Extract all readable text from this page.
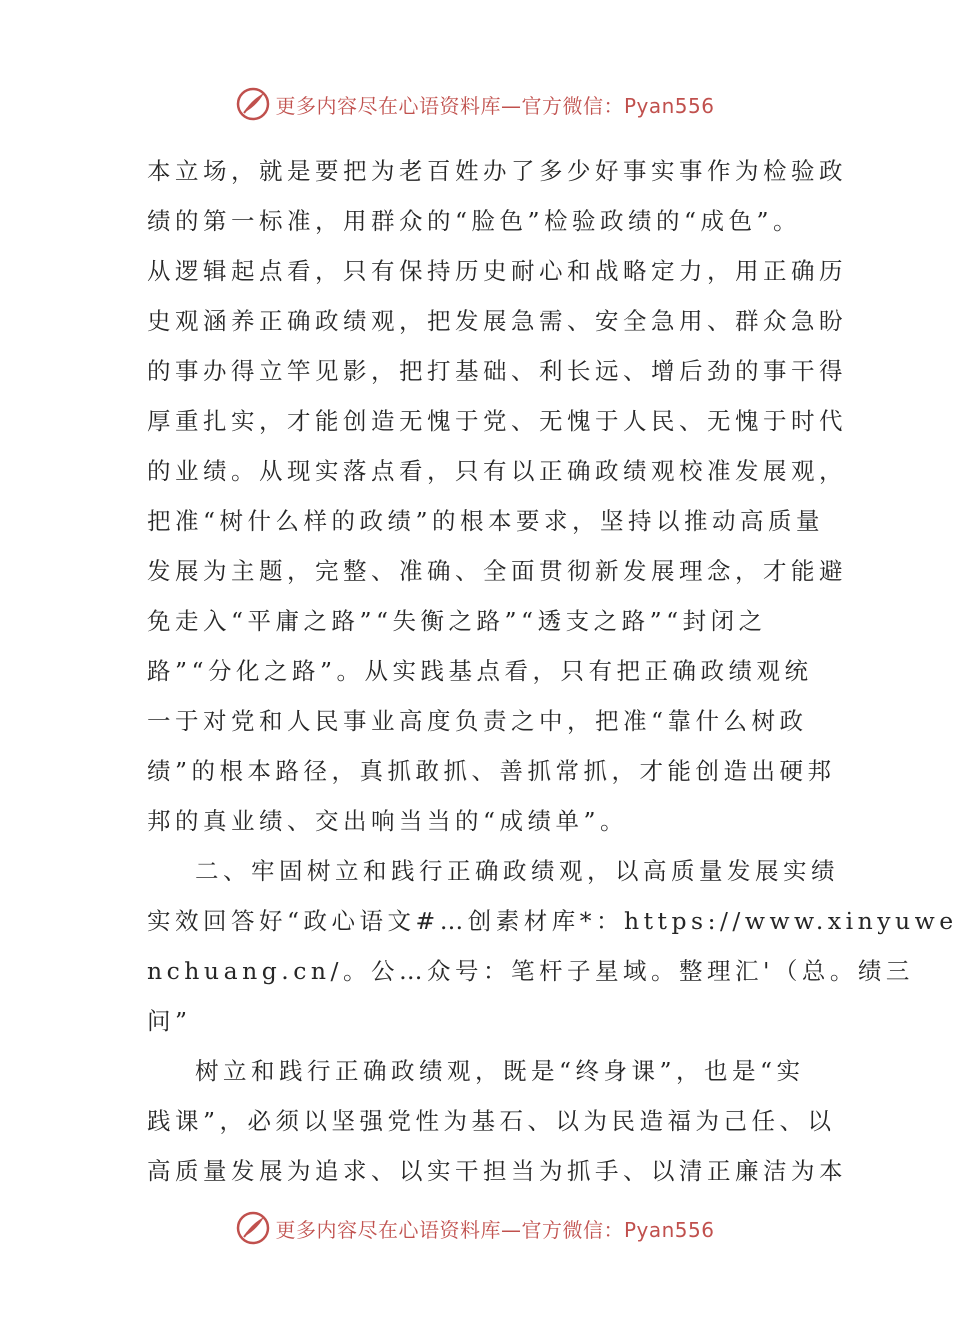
更多内容尽在心语资料库—官方微信：Pyan556
本立场，就是要把为老百姓办了多少好事实事作为检验政
绩的第一标准，用群众的“脸色”检验政绩的“成色”。
从逻辑起点看，只有保持历史耐心和战略定力，用正确历
史观涵养正确政绩观，把发展急需、安全急用、群众急盼
的事办得立竿见影，把打基础、利长远、增后劲的事干得
厚重扎实，才能创造无愧于党、无愧于人民、无愧于时代
的业绩。从现实落点看，只有以正确政绩观校准发展观，
把准“树什么样的政绩”的根本要求，坚持以推动高质量
发展为主题，完整、准确、全面贯彻新发展理念，才能避
免走入“平庸之路”“失衡之路”“透支之路”“封闭之
路”“分化之路”。从实践基点看，只有把正确政绩观统
一于对党和人民事业高度负责之中，把准“靠什么树政
绩”的根本路径，真抓敢抓、善抓常抓，才能创造出硬邦
邦的真业绩、交出响当当的“成绩单”。
二、牢固树立和践行正确政绩观，以高质量发展实绩
实效回答好“政心语文#…创素材库*：https://www.xinyuwe
nchuang.cn/。公…众号：笔杆子星域。整理汇'（总。绩三
问”
树立和践行正确政绩观，既是“终身课”，也是“实
践课”，必须以坚强党性为基石、以为民造福为己任、以
高质量发展为追求、以实干担当为抓手、以清正廉洁为本
更多内容尽在心语资料库—官方微信：Pyan556
